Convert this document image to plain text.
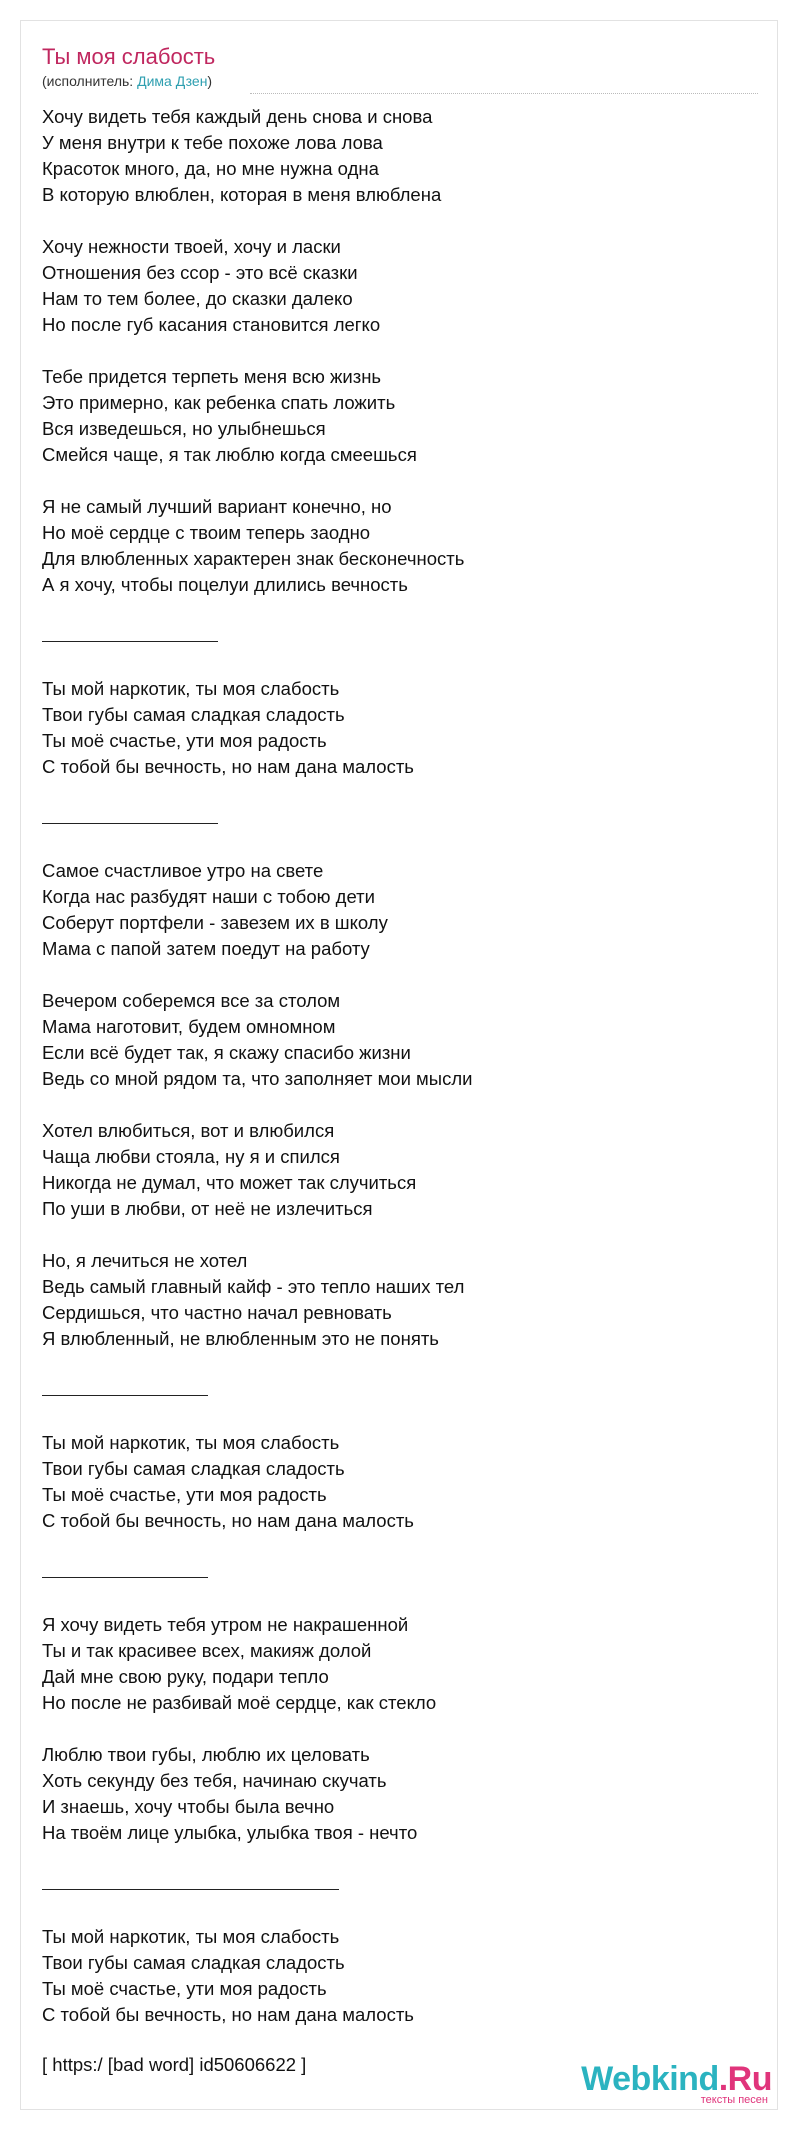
Ты моя слабость
(исполнитель: Дима Дзен)
Хочу видеть тебя каждый день снова и снова
У меня внутри к тебе похоже лова лова
Красоток много, да, но мне нужна одна
В которую влюблен, которая в меня влюблена
Хочу нежности твоей, хочу и ласки
Отношения без ссор - это всё сказки
Нам то тем более, до сказки далеко
Но после губ касания становится легко
Тебе придется терпеть меня всю жизнь
Это примерно, как ребенка спать ложить
Вся изведешься, но улыбнешься
Смейся чаще, я так люблю когда смеешься
Я не самый лучший вариант конечно, но
Но моё сердце с твоим теперь заодно
Для влюбленных характерен знак бесконечность
А я хочу, чтобы поцелуи длились вечность
Ты мой наркотик, ты моя слабость
Твои губы самая сладкая сладость
Ты моё счастье, ути моя радость
С тобой бы вечность, но нам дана малость
Самое счастливое утро на свете
Когда нас разбудят наши с тобою дети
Соберут портфели - завезем их в школу
Мама с папой затем поедут на работу
Вечером соберемся все за столом
Мама наготовит, будем омномном
Если всё будет так, я скажу спасибо жизни
Ведь со мной рядом та, что заполняет мои мысли
Хотел влюбиться, вот и влюбился
Чаща любви стояла, ну я и спился
Никогда не думал, что может так случиться
По уши в любви, от неё не излечиться
Но, я лечиться не хотел
Ведь самый главный кайф - это тепло наших тел
Сердишься, что частно начал ревновать
Я влюбленный, не влюбленным это не понять
Ты мой наркотик, ты моя слабость
Твои губы самая сладкая сладость
Ты моё счастье, ути моя радость
С тобой бы вечность, но нам дана малость
Я хочу видеть тебя утром не накрашенной
Ты и так красивее всех, макияж долой
Дай мне свою руку, подари тепло
Но после не разбивай моё сердце, как стекло
Люблю твои губы, люблю их целовать
Хоть секунду без тебя, начинаю скучать
И знаешь, хочу чтобы была вечно
На твоём лице улыбка, улыбка твоя - нечто
Ты мой наркотик, ты моя слабость
Твои губы самая сладкая сладость
Ты моё счастье, ути моя радость
С тобой бы вечность, но нам дана малость
[ https:/ [bad word] id50606622 ]	Webkind.Ru
тексты песен
